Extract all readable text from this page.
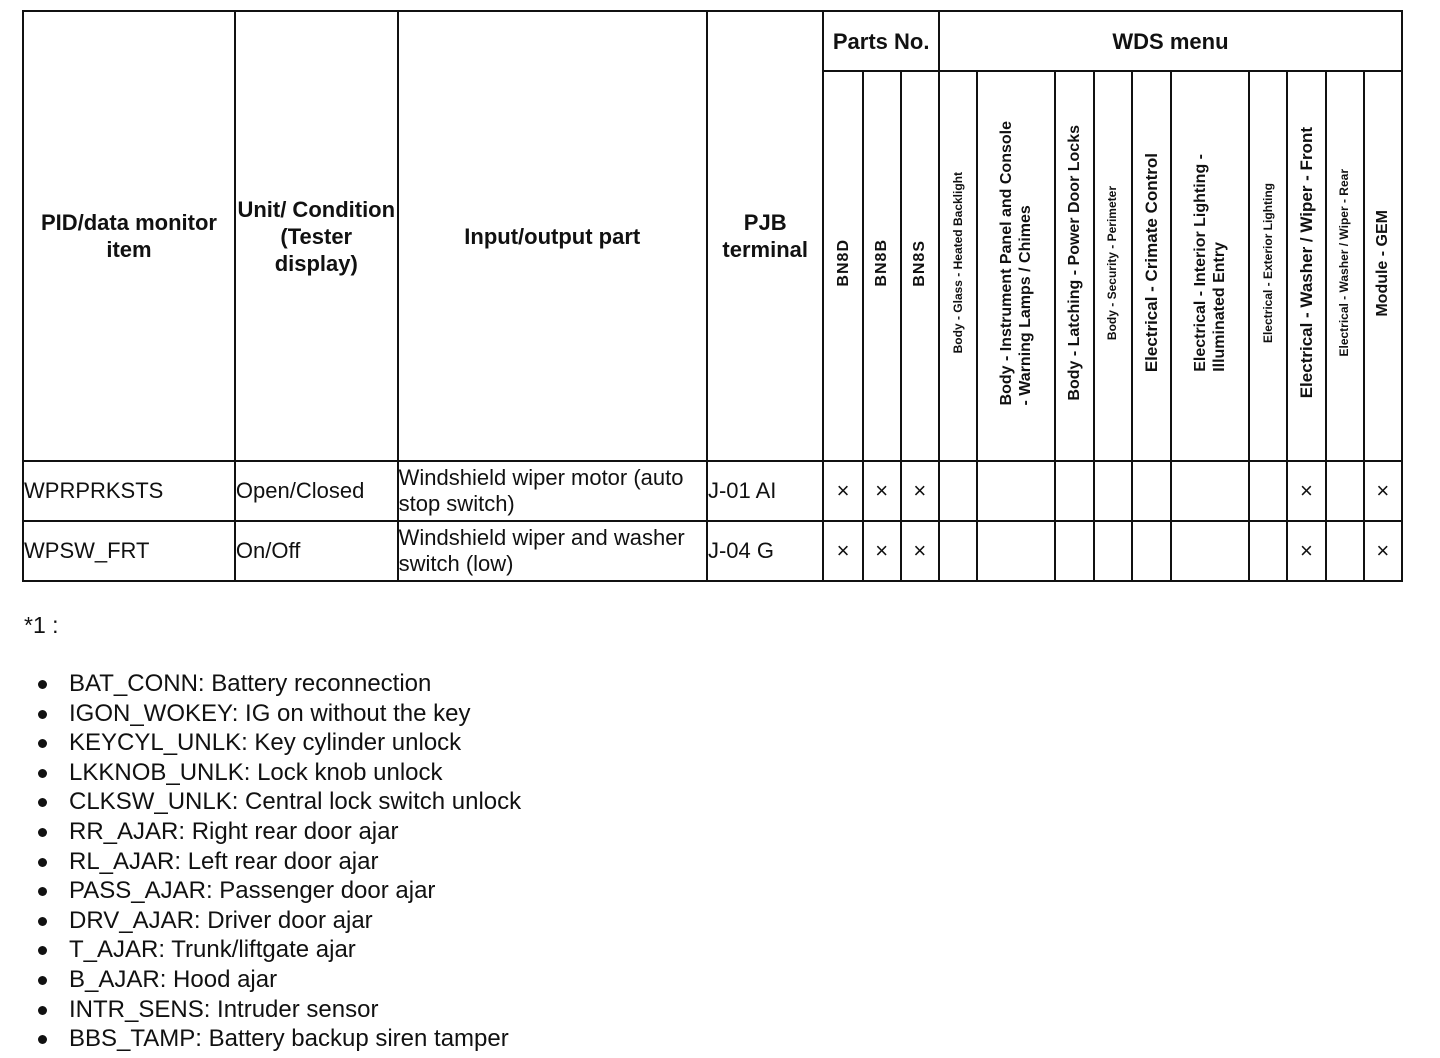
PID/data monitor item	Unit/ Condition (Tester display)	Input/output part	PJB terminal	Parts No.			WDS menu									
				BN8D	BN8B	BN8S	Body - Glass - Heated Backlight	Body - Instrument Panel and Console - Warning Lamps / Chimes	Body - Latching - Power Door Locks	Body - Security - Perimeter	Electrical - Crimate Control	Electrical - Interior Lighting - Illuminated Entry	Electrical - Exterior Lighting	Electrical - Washer / Wiper - Front	Electrical - Washer / Wiper - Rear	Module - GEM
WPRPRKSTS	Open/Closed	Windshield wiper motor (auto stop switch)	J-01 AI	×	×	×								×		×
WPSW_FRT	On/Off	Windshield wiper and washer switch (low)	J-04 G	×	×	×								×		×
*1 :
BAT_CONN: Battery reconnection
IGON_WOKEY: IG on without the key
KEYCYL_UNLK: Key cylinder unlock
LKKNOB_UNLK: Lock knob unlock
CLKSW_UNLK: Central lock switch unlock
RR_AJAR: Right rear door ajar
RL_AJAR: Left rear door ajar
PASS_AJAR: Passenger door ajar
DRV_AJAR: Driver door ajar
T_AJAR: Trunk/liftgate ajar
B_AJAR: Hood ajar
INTR_SENS: Intruder sensor
BBS_TAMP: Battery backup siren tamper
